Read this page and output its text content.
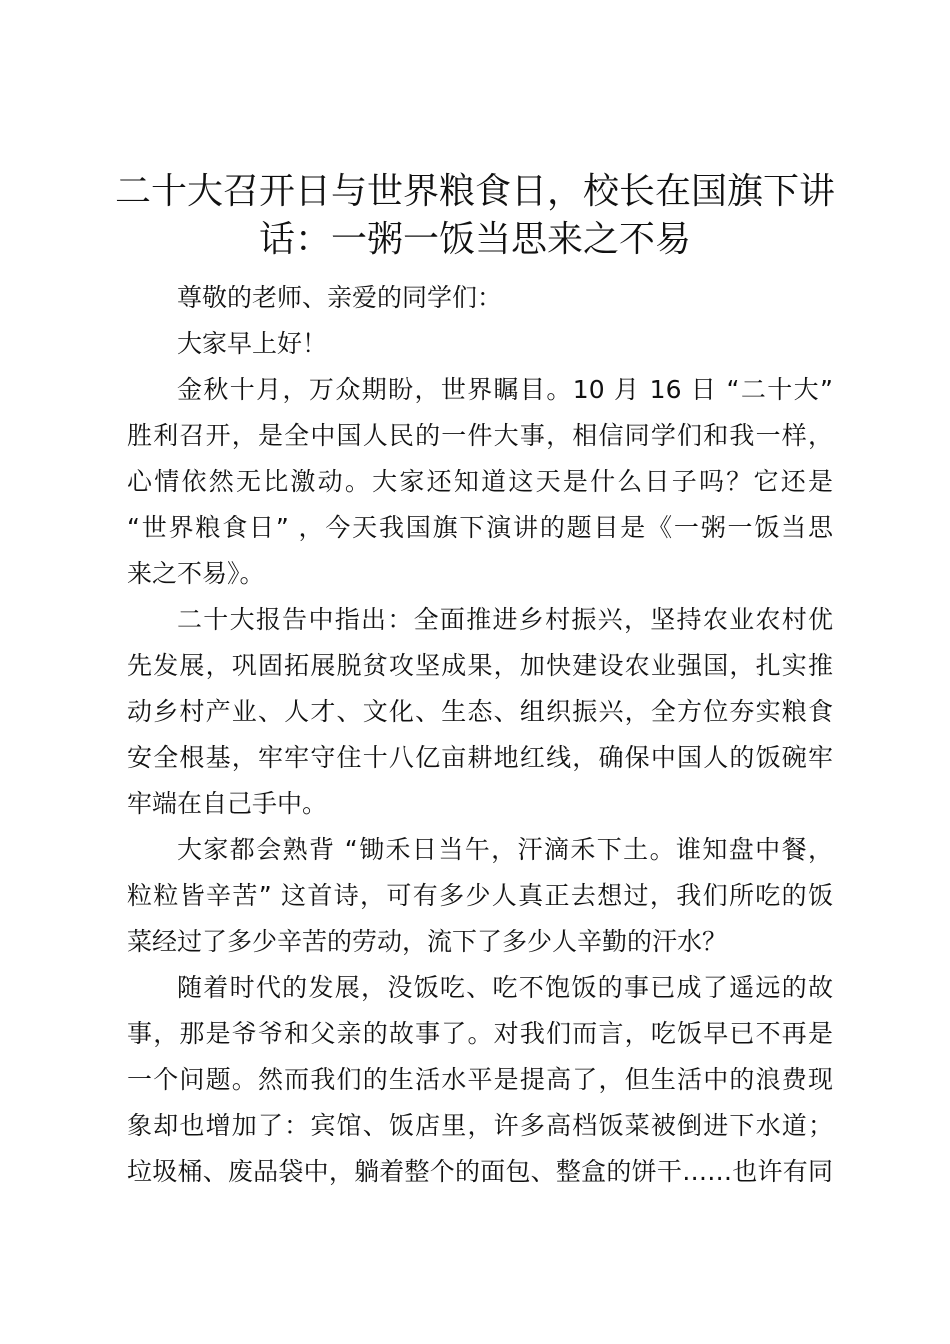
二十大召开日与世界粮食日，校长在国旗下讲
话：一粥一饭当思来之不易
尊敬的老师、亲爱的同学们：
大家早上好！
金秋十月，万众期盼，世界瞩目。10 月 16 日 “二十大”
胜利召开，是全中国人民的一件大事，相信同学们和我一样，
心情依然无比激动。大家还知道这天是什么日子吗？它还是
“世界粮食日” ，今天我国旗下演讲的题目是《一粥一饭当思
来之不易》。
二十大报告中指出：全面推进乡村振兴，坚持农业农村优
先发展，巩固拓展脱贫攻坚成果，加快建设农业强国，扎实推
动乡村产业、人才、文化、生态、组织振兴，全方位夯实粮食
安全根基，牢牢守住十八亿亩耕地红线，确保中国人的饭碗牢
牢端在自己手中。
大家都会熟背 “锄禾日当午，汗滴禾下土。谁知盘中餐，
粒粒皆辛苦” 这首诗，可有多少人真正去想过，我们所吃的饭
菜经过了多少辛苦的劳动，流下了多少人辛勤的汗水？
随着时代的发展，没饭吃、吃不饱饭的事已成了遥远的故
事，那是爷爷和父亲的故事了。对我们而言，吃饭早已不再是
一个问题。然而我们的生活水平是提高了，但生活中的浪费现
象却也增加了：宾馆、饭店里，许多高档饭菜被倒进下水道；
垃圾桶、废品袋中，躺着整个的面包、整盒的饼干……也许有同
